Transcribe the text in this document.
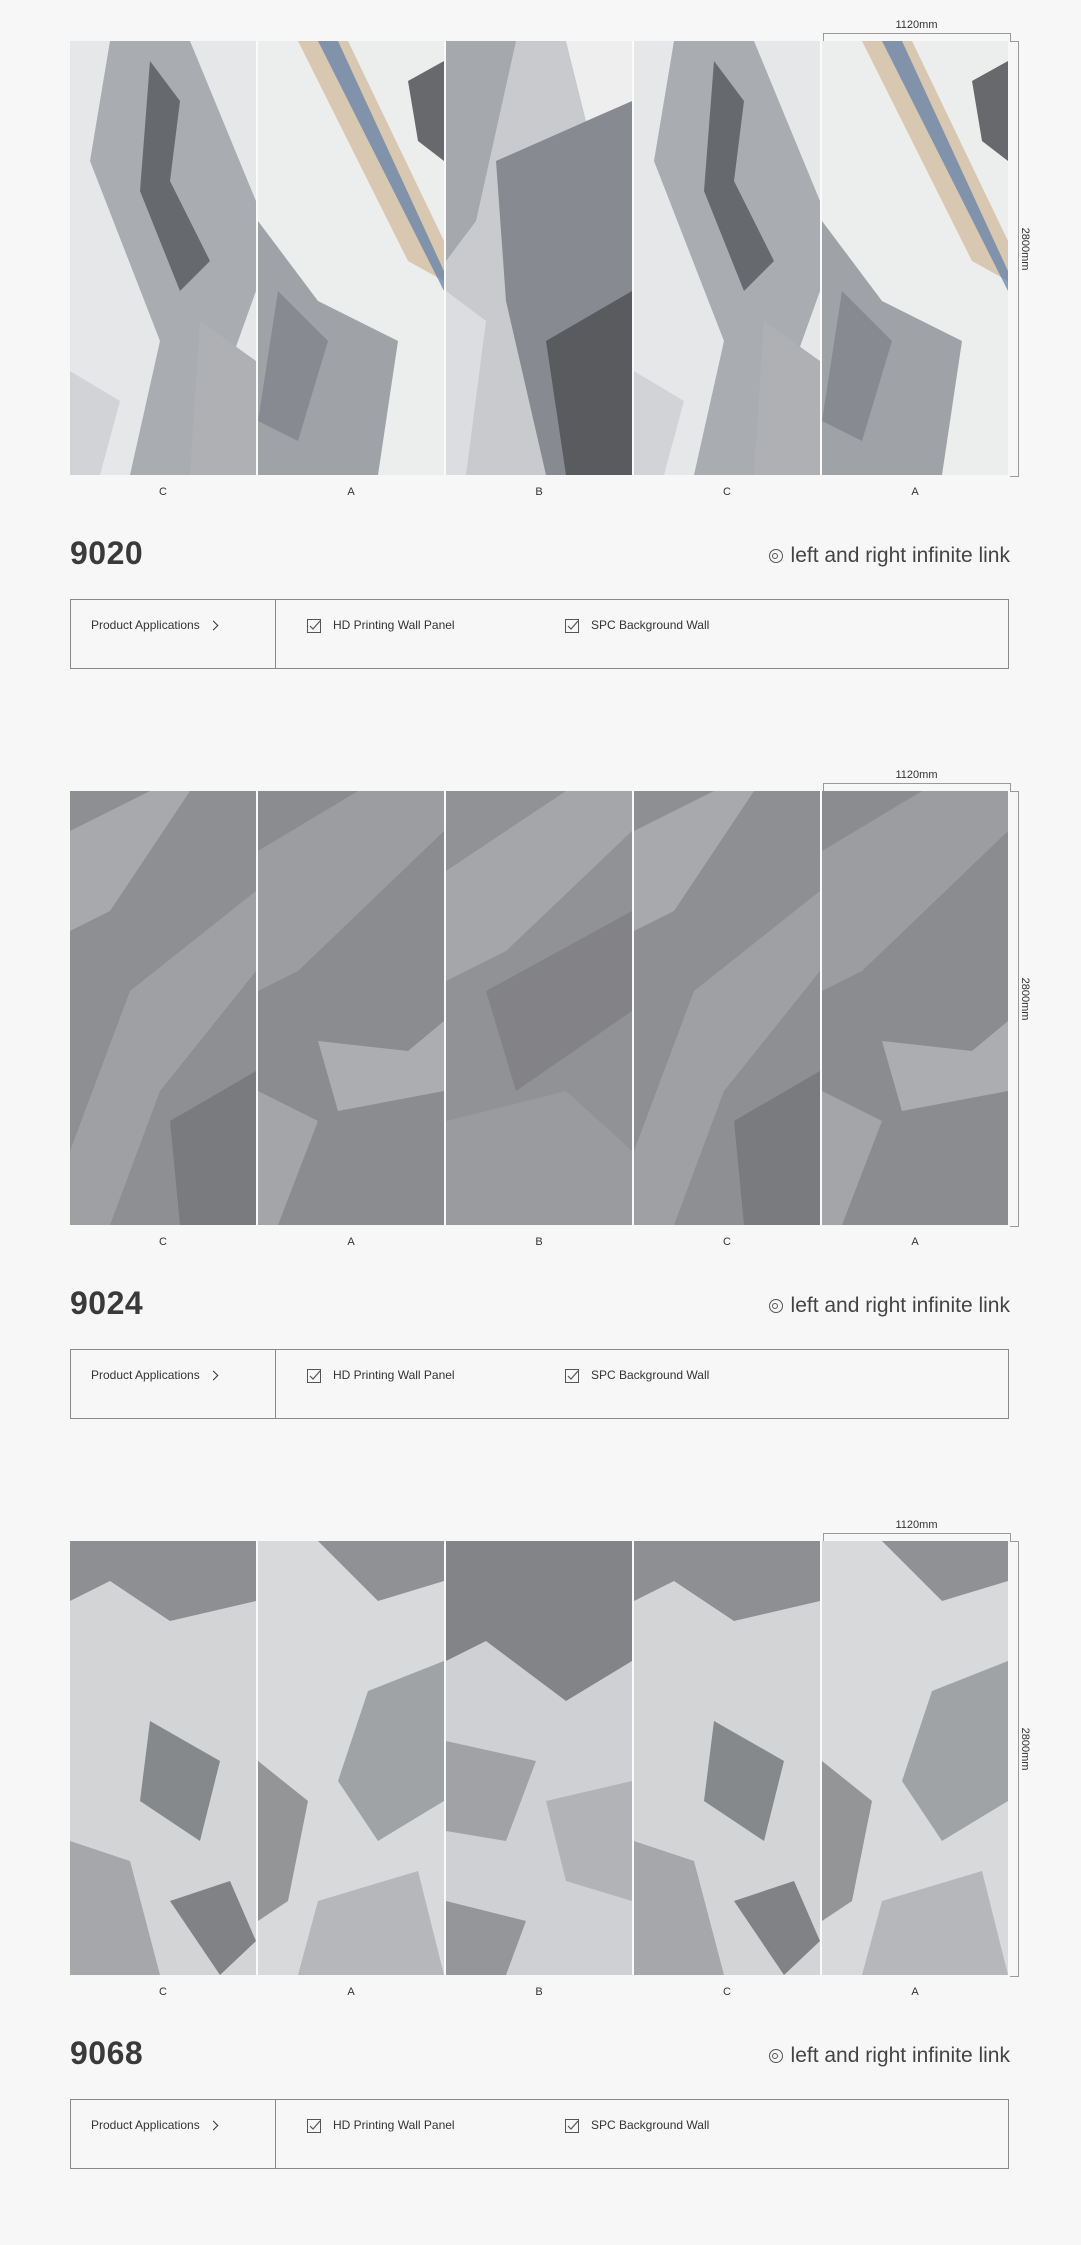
1120mm
2800mm
C	A	B	C	A
9020	left and right infinite link
Product Applications	HD Printing Wall Panel	SPC Background Wall
1120mm
2800mm
C	A	B	C	A
9024	left and right infinite link
Product Applications	HD Printing Wall Panel	SPC Background Wall
1120mm
2800mm
C	A	B	C	A
9068	left and right infinite link
Product Applications	HD Printing Wall Panel	SPC Background Wall
